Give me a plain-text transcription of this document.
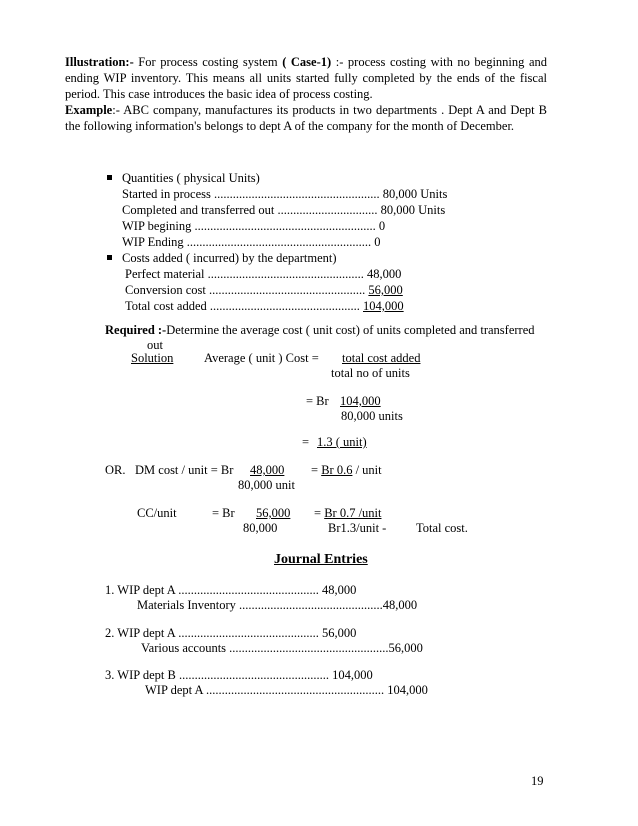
Illustration:- For process costing system ( Case-1) :- process costing with no beginning and ending WIP inventory. This means all units started fully completed by the ends of the fiscal period. This case introduces the basic idea of process costing.

Example:- ABC company, manufactures its products in two departments . Dept A and Dept B the following information's belongs to dept A of the company for the month of December.

Quantities ( physical Units)
Started in process ..................................................... 80,000 Units
Completed and transferred out ................................ 80,000 Units
WIP begining .......................................................... 0
WIP Ending ........................................................... 0
Costs added ( incurred) by the department)
Perfect material .................................................. 48,000
Conversion cost .................................................. 56,000
Total cost added ................................................ 104,000
Required :-Determine the average cost ( unit cost) of units completed and transferred
out
Solution Average ( unit ) Cost = total cost added
total no of units
= Br 104,000
80,000 units
= 1.3 ( unit)
OR. DM cost / unit = Br 48,000 = Br 0.6 / unit
80,000 unit
CC/unit	= Br 56,000 = Br 0.7 /unit
80,000	Br1.3/unit - Total cost.
Journal Entries
1. WIP dept A ............................................. 48,000
Materials Inventory ..............................................48,000
2. WIP dept A ............................................. 56,000
Various accounts ...................................................56,000
3. WIP dept B ................................................ 104,000
WIP dept A ......................................................... 104,000
19
